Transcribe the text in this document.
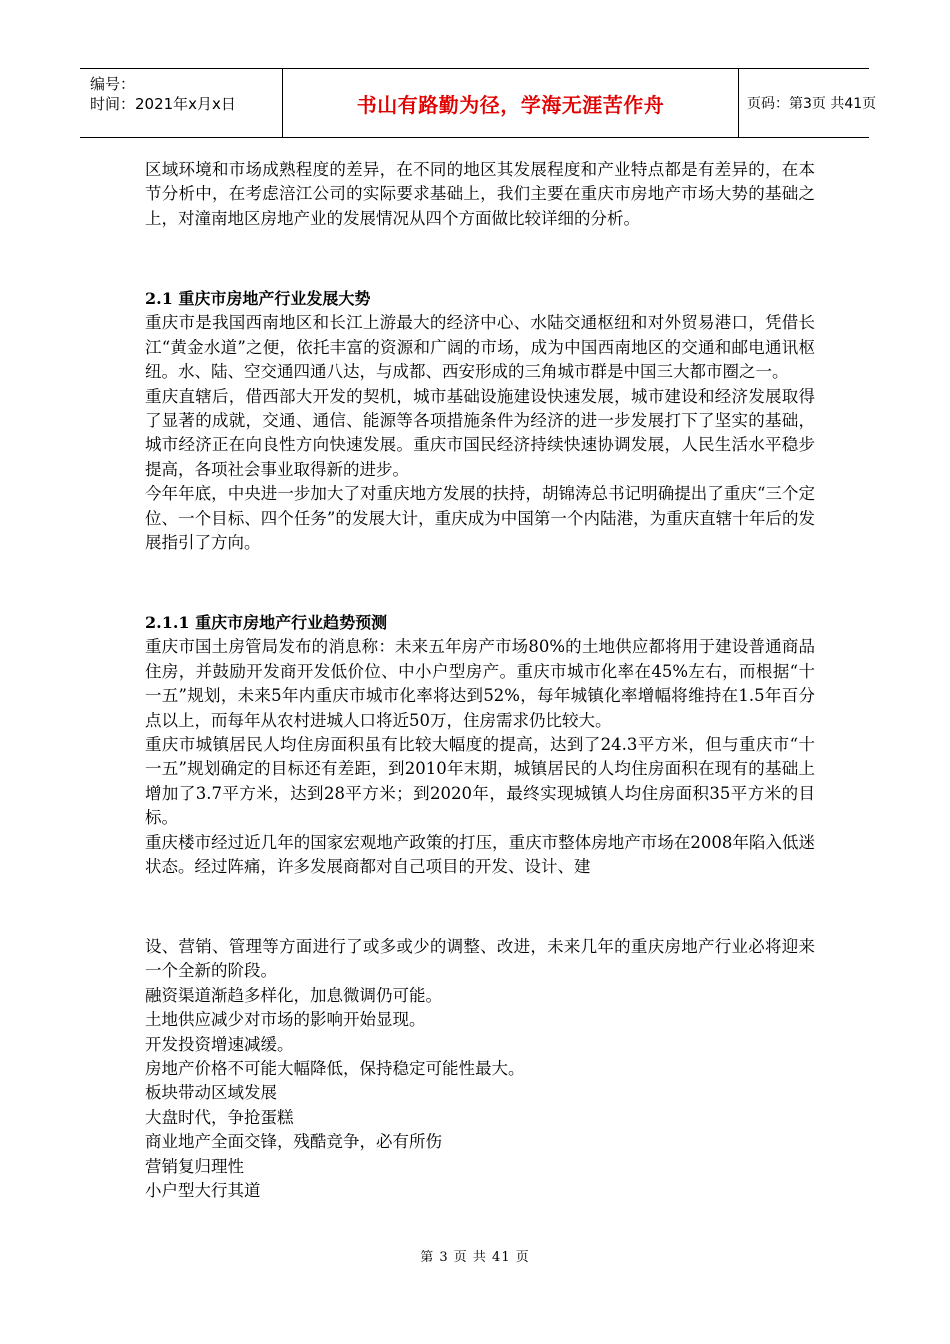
编号：
时间：2021年x月x日	书山有路勤为径，学海无涯苦作舟	页码：第3页 共41页

区域环境和市场成熟程度的差异，在不同的地区其发展程度和产业特点都是有差异的，在本节分析中，在考虑涪江公司的实际要求基础上，我们主要在重庆市房地产市场大势的基础之上，对潼南地区房地产业的发展情况从四个方面做比较详细的分析。

2.1 重庆市房地产行业发展大势

重庆市是我国西南地区和长江上游最大的经济中心、水陆交通枢纽和对外贸易港口，凭借长江“黄金水道”之便，依托丰富的资源和广阔的市场，成为中国西南地区的交通和邮电通讯枢纽。水、陆、空交通四通八达，与成都、西安形成的三角城市群是中国三大都市圈之一。

重庆直辖后，借西部大开发的契机，城市基础设施建设快速发展，城市建设和经济发展取得了显著的成就，交通、通信、能源等各项措施条件为经济的进一步发展打下了坚实的基础，城市经济正在向良性方向快速发展。重庆市国民经济持续快速协调发展，人民生活水平稳步提高，各项社会事业取得新的进步。

今年年底，中央进一步加大了对重庆地方发展的扶持，胡锦涛总书记明确提出了重庆“三个定位、一个目标、四个任务”的发展大计，重庆成为中国第一个内陆港，为重庆直辖十年后的发展指引了方向。

2.1.1 重庆市房地产行业趋势预测

重庆市国土房管局发布的消息称：未来五年房产市场80%的土地供应都将用于建设普通商品住房，并鼓励开发商开发低价位、中小户型房产。重庆市城市化率在45%左右，而根据“十一五”规划，未来5年内重庆市城市化率将达到52%，每年城镇化率增幅将维持在1.5年百分点以上，而每年从农村进城人口将近50万，住房需求仍比较大。

重庆市城镇居民人均住房面积虽有比较大幅度的提高，达到了24.3平方米，但与重庆市“十一五”规划确定的目标还有差距，到2010年末期，城镇居民的人均住房面积在现有的基础上增加了3.7平方米，达到28平方米；到2020年，最终实现城镇人均住房面积35平方米的目标。

重庆楼市经过近几年的国家宏观地产政策的打压，重庆市整体房地产市场在2008年陷入低迷状态。经过阵痛，许多发展商都对自己项目的开发、设计、建

设、营销、管理等方面进行了或多或少的调整、改进，未来几年的重庆房地产行业必将迎来一个全新的阶段。

融资渠道渐趋多样化，加息微调仍可能。

土地供应减少对市场的影响开始显现。

开发投资增速减缓。

房地产价格不可能大幅降低，保持稳定可能性最大。

板块带动区域发展

大盘时代，争抢蛋糕

商业地产全面交锋，残酷竞争，必有所伤

营销复归理性

小户型大行其道

第 3 页 共 41 页
